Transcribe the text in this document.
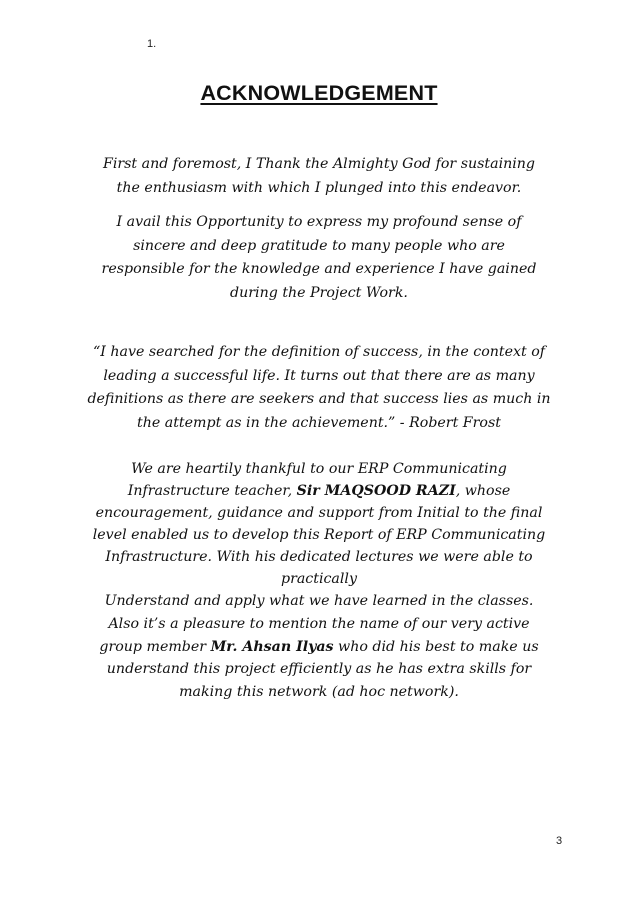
1.
ACKNOWLEDGEMENT
First and foremost, I Thank the Almighty God for sustaining
the enthusiasm with which I plunged into this endeavor.
I avail this Opportunity to express my profound sense of
sincere and deep gratitude to many people who are
responsible for the knowledge and experience I have gained
during the Project Work.
“I have searched for the definition of success, in the context of
leading a successful life. It turns out that there are as many
definitions as there are seekers and that success lies as much in
the attempt as in the achievement.” - Robert Frost
We are heartily thankful to our ERP Communicating
Infrastructure teacher, Sir MAQSOOD RAZI, whose
encouragement, guidance and support from Initial to the final
level enabled us to develop this Report of ERP Communicating
Infrastructure. With his dedicated lectures we were able to
practically
Understand and apply what we have learned in the classes.
Also it’s a pleasure to mention the name of our very active
group member Mr. Ahsan Ilyas who did his best to make us
understand this project efficiently as he has extra skills for
making this network (ad hoc network).
3
